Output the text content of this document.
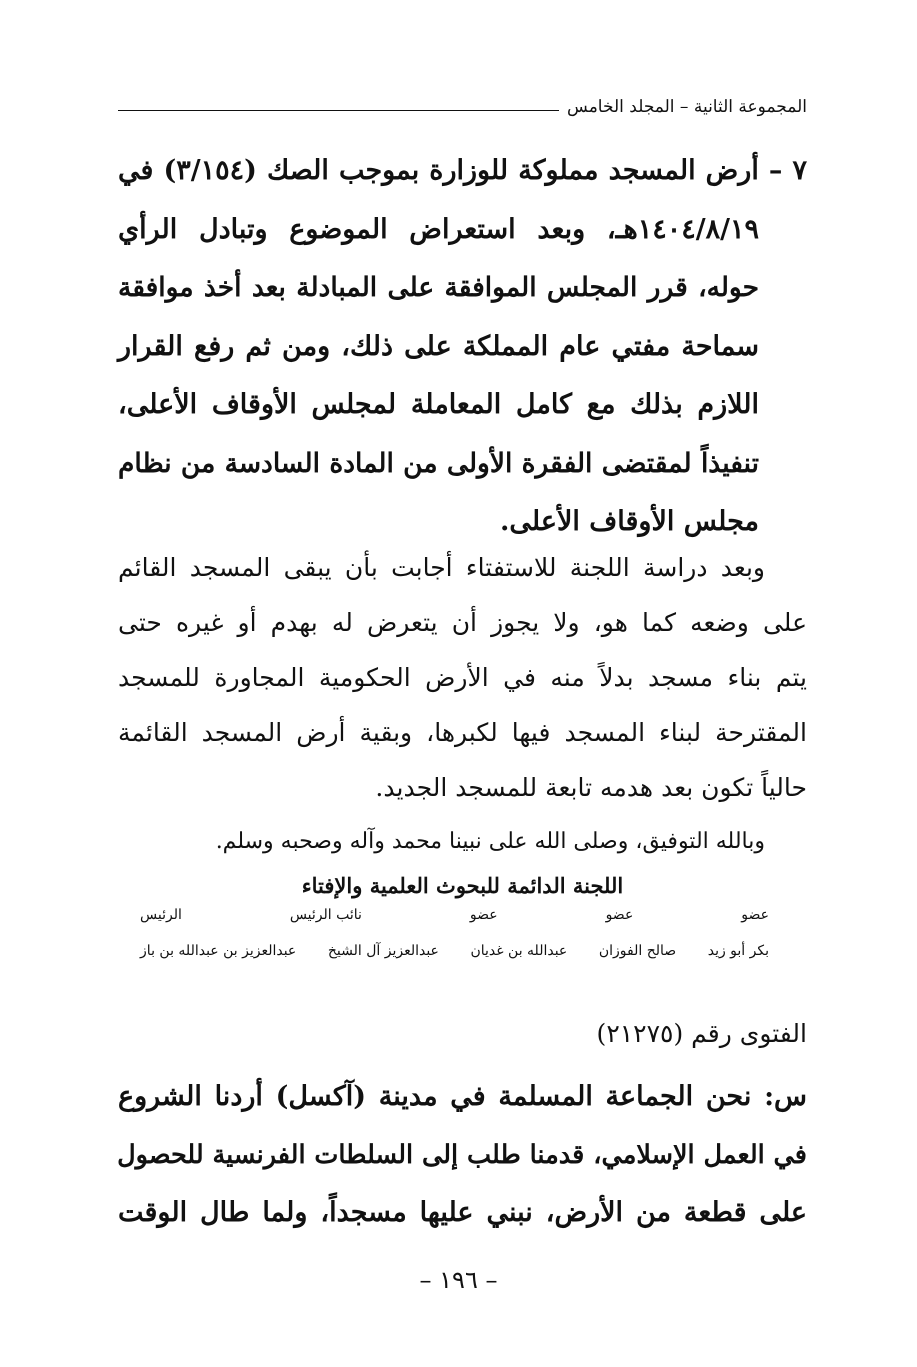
المجموعة الثانية – المجلد الخامس
٧ – أرض المسجد مملوكة للوزارة بموجب الصك (٣/١٥٤) في
١٤٠٤/٨/١٩هـ، وبعد استعراض الموضوع وتبادل الرأي
حوله، قرر المجلس الموافقة على المبادلة بعد أخذ موافقة
سماحة مفتي عام المملكة على ذلك، ومن ثم رفع القرار
اللازم بذلك مع كامل المعاملة لمجلس الأوقاف الأعلى،
تنفيذاً لمقتضى الفقرة الأولى من المادة السادسة من نظام
مجلس الأوقاف الأعلى.
وبعد دراسة اللجنة للاستفتاء أجابت بأن يبقى المسجد القائم
على وضعه كما هو، ولا يجوز أن يتعرض له بهدم أو غيره حتى
يتم بناء مسجد بدلاً منه في الأرض الحكومية المجاورة للمسجد
المقترحة لبناء المسجد فيها لكبرها، وبقية أرض المسجد القائمة
حالياً تكون بعد هدمه تابعة للمسجد الجديد.
وبالله التوفيق، وصلى الله على نبينا محمد وآله وصحبه وسلم.
اللجنة الدائمة للبحوث العلمية والإفتاء
عضو
عضو
عضو
نائب الرئيس
الرئيس
بكر أبو زيد
صالح الفوزان
عبدالله بن غديان
عبدالعزيز آل الشيخ
عبدالعزيز بن عبدالله بن باز
الفتوى رقم (٢١٢٧٥)
س: نحن الجماعة المسلمة في مدينة (آكسل) أردنا الشروع
في العمل الإسلامي، قدمنا طلب إلى السلطات الفرنسية للحصول
على قطعة من الأرض، نبني عليها مسجداً، ولما طال الوقت
– ١٩٦ –
